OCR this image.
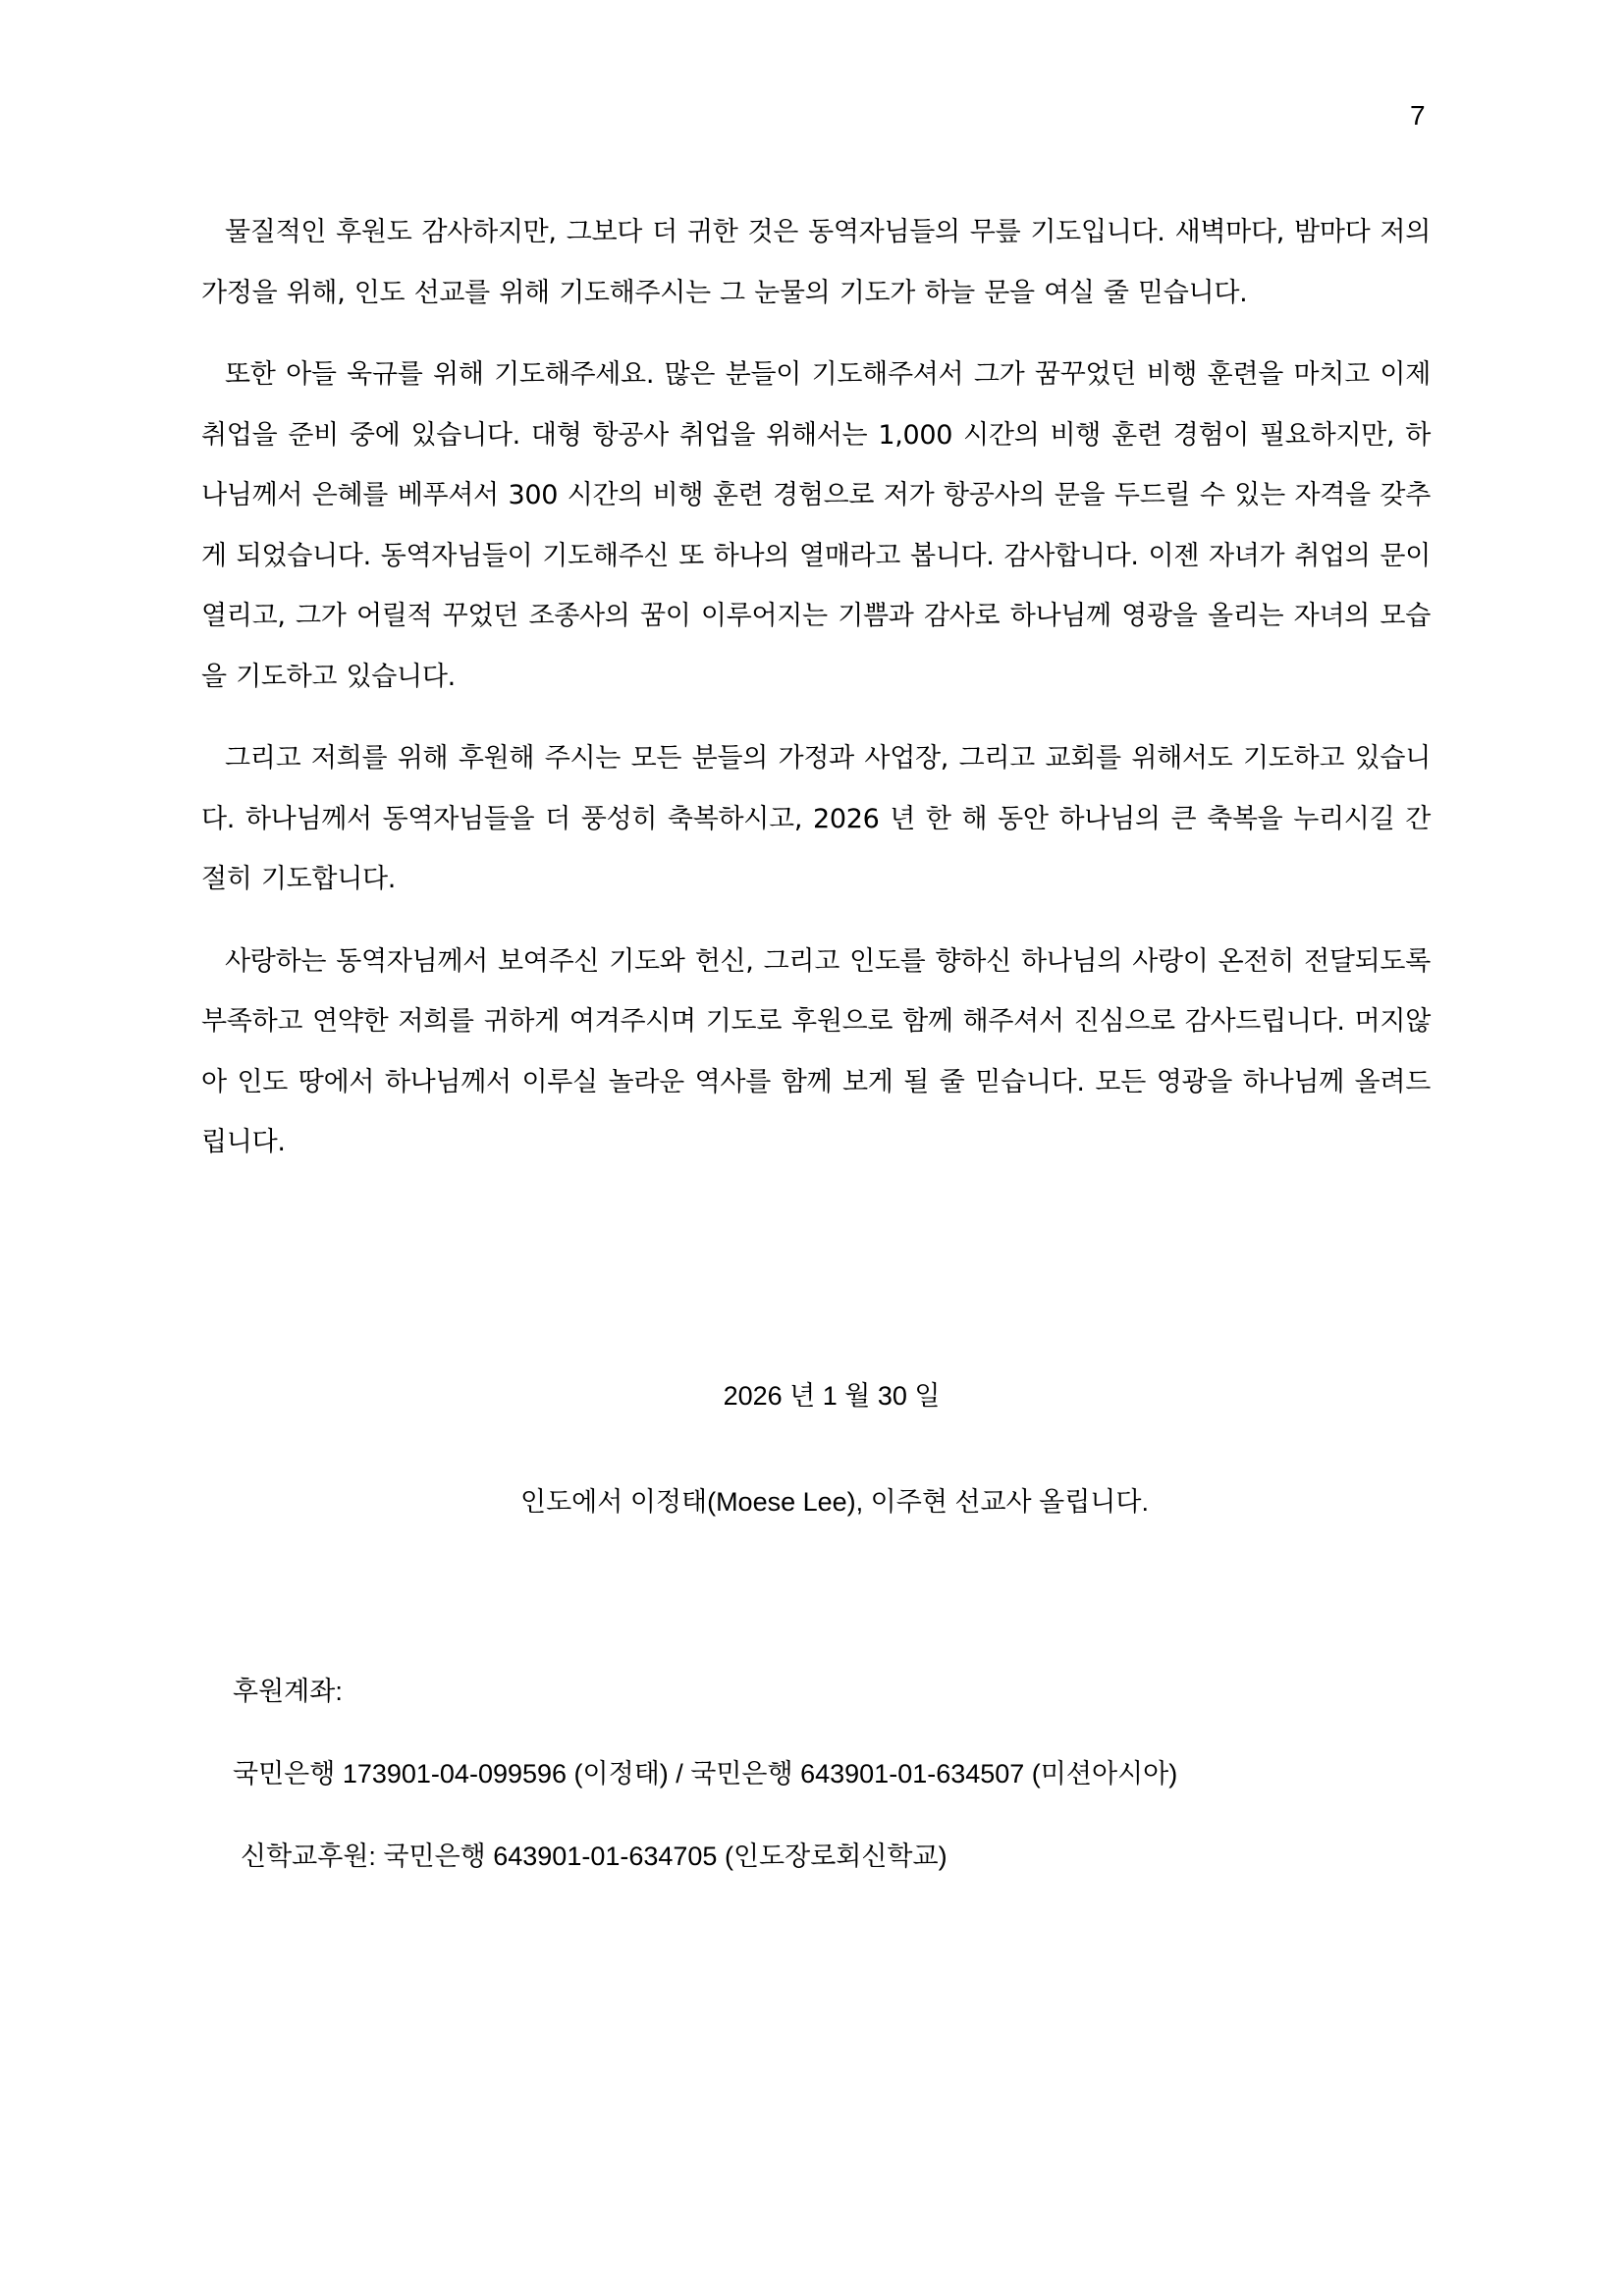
7

물질적인 후원도 감사하지만, 그보다 더 귀한 것은 동역자님들의 무릎 기도입니다. 새벽마다, 밤마다 저의 가정을 위해, 인도 선교를 위해 기도해주시는 그 눈물의 기도가 하늘 문을 여실 줄 믿습니다.

또한 아들 욱규를 위해 기도해주세요. 많은 분들이 기도해주셔서 그가 꿈꾸었던 비행 훈련을 마치고 이제 취업을 준비 중에 있습니다. 대형 항공사 취업을 위해서는 1,000 시간의 비행 훈련 경험이 필요하지만, 하나님께서 은혜를 베푸셔서 300 시간의 비행 훈련 경험으로 저가 항공사의 문을 두드릴 수 있는 자격을 갖추게 되었습니다. 동역자님들이 기도해주신 또 하나의 열매라고 봅니다. 감사합니다. 이젠 자녀가 취업의 문이 열리고, 그가 어릴적 꾸었던 조종사의 꿈이 이루어지는 기쁨과 감사로 하나님께 영광을 올리는 자녀의 모습을 기도하고 있습니다.

그리고 저희를 위해 후원해 주시는 모든 분들의 가정과 사업장, 그리고 교회를 위해서도 기도하고 있습니다. 하나님께서 동역자님들을 더 풍성히 축복하시고, 2026 년 한 해 동안 하나님의 큰 축복을 누리시길 간절히 기도합니다.

사랑하는 동역자님께서 보여주신 기도와 헌신, 그리고 인도를 향하신 하나님의 사랑이 온전히 전달되도록 부족하고 연약한 저희를 귀하게 여겨주시며 기도로 후원으로 함께 해주셔서 진심으로 감사드립니다. 머지않아 인도 땅에서 하나님께서 이루실 놀라운 역사를 함께 보게 될 줄 믿습니다. 모든 영광을 하나님께 올려드립니다.

2026 년 1 월 30 일
인도에서 이정태(Moese Lee), 이주현 선교사 올립니다.
후원계좌:
국민은행 173901-04-099596 (이정태) / 국민은행 643901-01-634507 (미션아시아)
신학교후원: 국민은행 643901-01-634705 (인도장로회신학교)
